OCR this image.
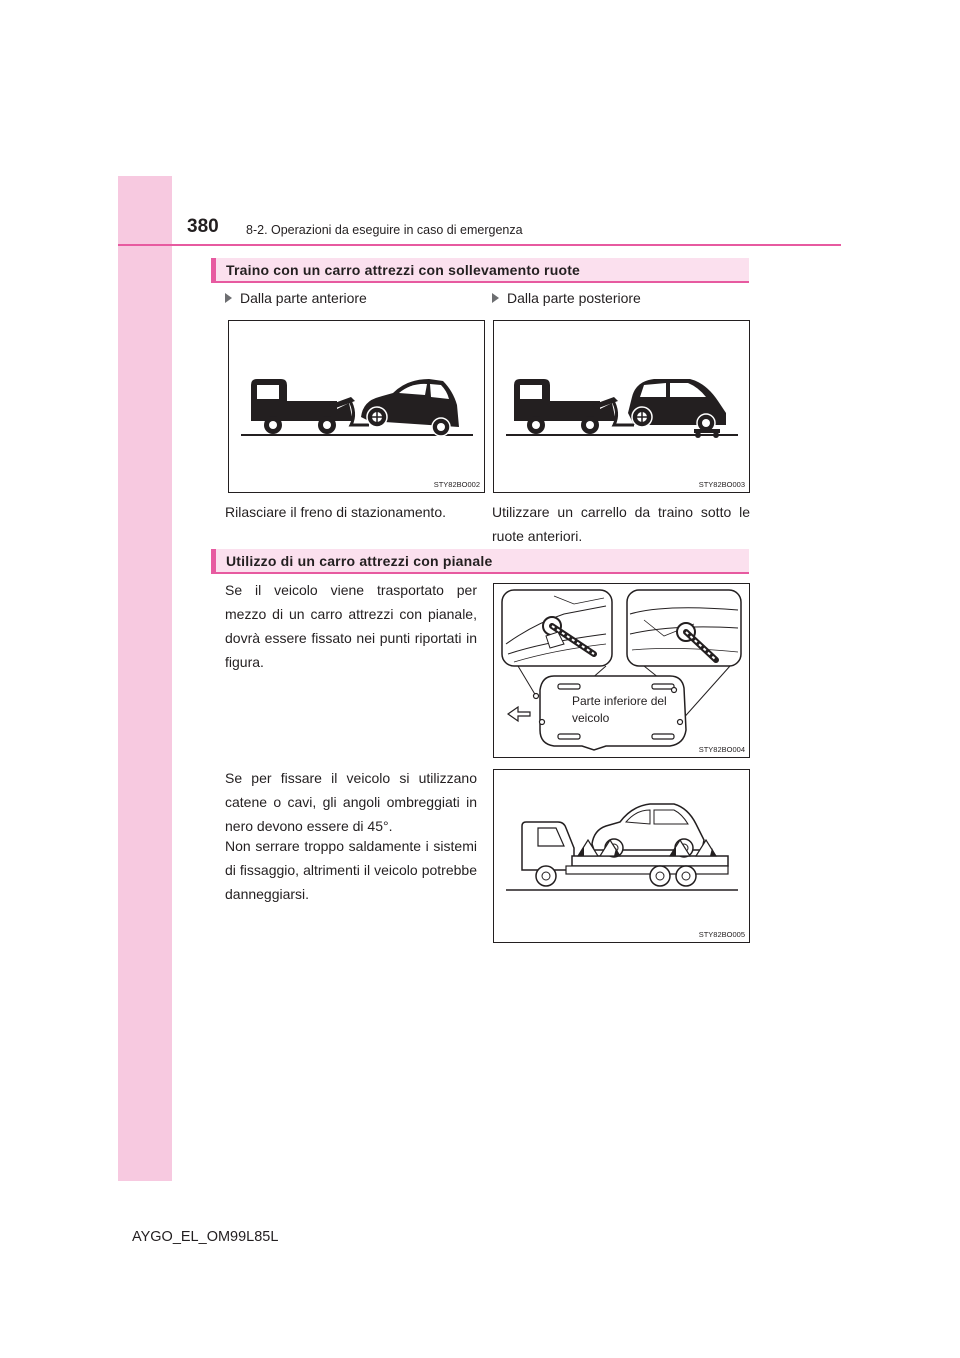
380 8-2. Operazioni da eseguire in caso di emergenza
Traino con un carro attrezzi con sollevamento ruote
Dalla parte anteriore	Dalla parte posteriore
STY82BO002	STY82BO003
Rilasciare il freno di stazionamento.	Utilizzare un carrello da traino sotto le ruote anteriori.
Utilizzo di un carro attrezzi con pianale
Se il veicolo viene trasportato per mezzo di un carro attrezzi con pianale, dovrà essere fissato nei punti riportati in figura.
STY82BO004
Parte inferiore del veicolo
Se per fissare il veicolo si utilizzano catene o cavi, gli angoli ombreggiati in nero devono essere di 45°.
Non serrare troppo saldamente i sistemi di fissaggio, altrimenti il veicolo potrebbe danneggiarsi.
STY82BO005
AYGO_EL_OM99L85L
